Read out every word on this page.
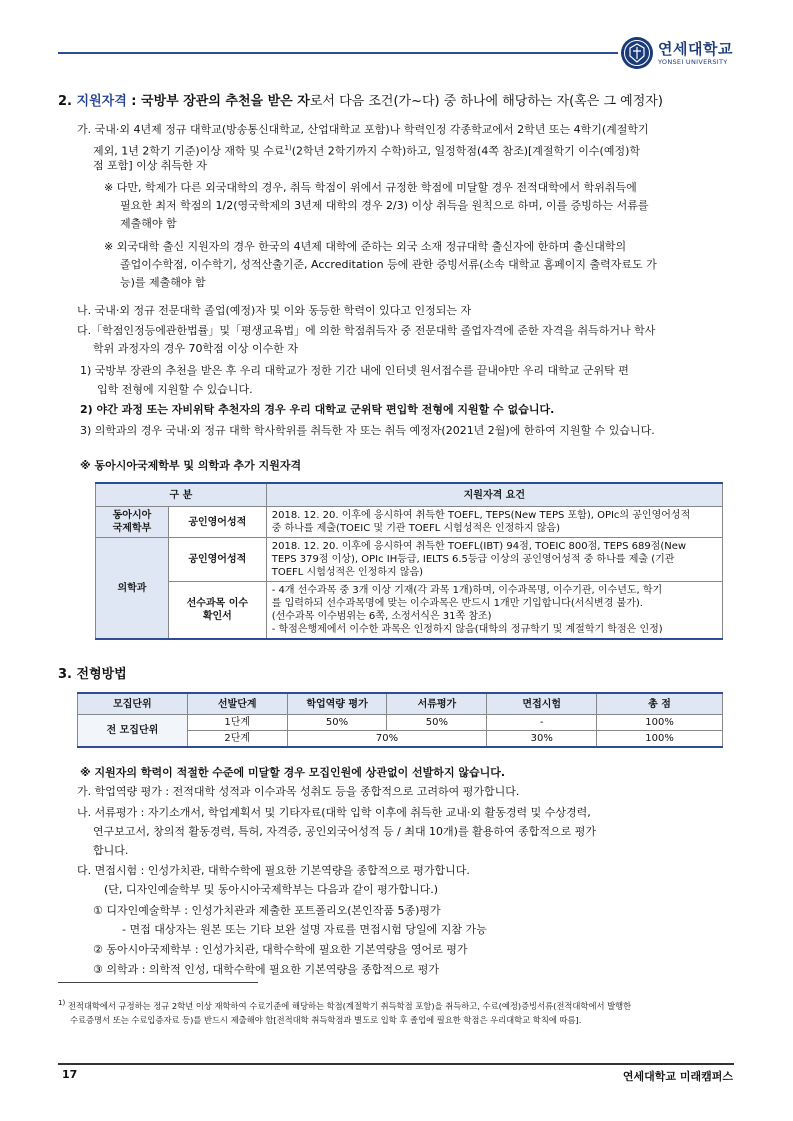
연세대학교
YONSEI UNIVERSITY
2. 지원자격 : 국방부 장관의 추천을 받은 자로서 다음 조건(가~다) 중 하나에 해당하는 자(혹은 그 예정자)
가. 국내·외 4년제 정규 대학교(방송통신대학교, 산업대학교 포함)나 학력인정 각종학교에서 2학년 또는 4학기(계절학기
제외, 1년 2학기 기준)이상 재학 및 수료$^{1)}$(2학년 2학기까지 수학)하고, 일정학점(4쪽 참조)[계절학기 이수(예정)학
점 포함] 이상 취득한 자
※ 다만, 학제가 다른 외국대학의 경우, 취득 학점이 위에서 규정한 학점에 미달할 경우 전적대학에서 학위취득에
필요한 최저 학점의 1/2(영국학제의 3년제 대학의 경우 2/3) 이상 취득을 원칙으로 하며, 이를 증빙하는 서류를
제출해야 함
※ 외국대학 출신 지원자의 경우 한국의 4년제 대학에 준하는 외국 소재 정규대학 출신자에 한하며 출신대학의
졸업이수학점, 이수학기, 성적산출기준, Accreditation 등에 관한 증빙서류(소속 대학교 홈페이지 출력자료도 가
능)를 제출해야 함
나. 국내·외 정규 전문대학 졸업(예정)자 및 이와 동등한 학력이 있다고 인정되는 자
다.「학점인정등에관한법률」및「평생교육법」에 의한 학점취득자 중 전문대학 졸업자격에 준한 자격을 취득하거나 학사
학위 과정자의 경우 70학점 이상 이수한 자
1) 국방부 장관의 추천을 받은 후 우리 대학교가 정한 기간 내에 인터넷 원서접수를 끝내야만 우리 대학교 군위탁 편
입학 전형에 지원할 수 있습니다.
2) 야간 과정 또는 자비위탁 추천자의 경우 우리 대학교 군위탁 편입학 전형에 지원할 수 없습니다.
3) 의학과의 경우 국내·외 정규 대학 학사학위를 취득한 자 또는 취득 예정자(2021년 2월)에 한하여 지원할 수 있습니다.
※ 동아시아국제학부 및 의학과 추가 지원자격
구 분		지원자격 요건
동아시아
국제학부	공인영어성적	2018. 12. 20. 이후에 응시하여 취득한 TOEFL, TEPS(New TEPS 포함), OPIc의 공인영어성적
중 하나를 제출(TOEIC 및 기관 TOEFL 시험성적은 인정하지 않음)
의학과	공인영어성적	2018. 12. 20. 이후에 응시하여 취득한 TOEFL(IBT) 94점, TOEIC 800점, TEPS 689점(New
TEPS 379점 이상), OPIc IH등급, IELTS 6.5등급 이상의 공인영어성적 중 하나를 제출 (기관
TOEFL 시험성적은 인정하지 않음)
	선수과목 이수
확인서	- 4개 선수과목 중 3개 이상 기재(각 과목 1개)하며, 이수과목명, 이수기관, 이수년도, 학기
를 입력하되 선수과목명에 맞는 이수과목은 반드시 1개만 기입합니다(서식변경 불가).
(선수과목 이수범위는 6쪽, 소정서식은 31쪽 참조)
- 학점은행제에서 이수한 과목은 인정하지 않음(대학의 정규학기 및 계절학기 학점은 인정)
3. 전형방법
모집단위	선발단계	학업역량 평가	서류평가	면접시험	총 점
전 모집단위	1단계	50%	50%	-	100%
	2단계	70%		30%	100%
※ 지원자의 학력이 적절한 수준에 미달할 경우 모집인원에 상관없이 선발하지 않습니다.
가. 학업역량 평가 : 전적대학 성적과 이수과목 성취도 등을 종합적으로 고려하여 평가합니다.
나. 서류평가 : 자기소개서, 학업계획서 및 기타자료(대학 입학 이후에 취득한 교내·외 활동경력 및 수상경력,
연구보고서, 창의적 활동경력, 특허, 자격증, 공인외국어성적 등 / 최대 10개)를 활용하여 종합적으로 평가
합니다.
다. 면접시험 : 인성가치관, 대학수학에 필요한 기본역량을 종합적으로 평가합니다.
(단, 디자인예술학부 및 동아시아국제학부는 다음과 같이 평가합니다.)
① 디자인예술학부 : 인성가치관과 제출한 포트폴리오(본인작품 5종)평가
- 면접 대상자는 원본 또는 기타 보완 설명 자료를 면접시험 당일에 지참 가능
② 동아시아국제학부 : 인성가치관, 대학수학에 필요한 기본역량을 영어로 평가
③ 의학과 : 의학적 인성, 대학수학에 필요한 기본역량을 종합적으로 평가
$^{1)}$ 전적대학에서 규정하는 정규 2학년 이상 재학하여 수료기준에 해당하는 학점(계절학기 취득학점 포함)을 취득하고, 수료(예정)증빙서류(전적대학에서 발행한
수료증명서 또는 수료입증자료 등)를 반드시 제출해야 함[전적대학 취득학점과 별도로 입학 후 졸업에 필요한 학점은 우리대학교 학칙에 따름].
17	연세대학교 미래캠퍼스
